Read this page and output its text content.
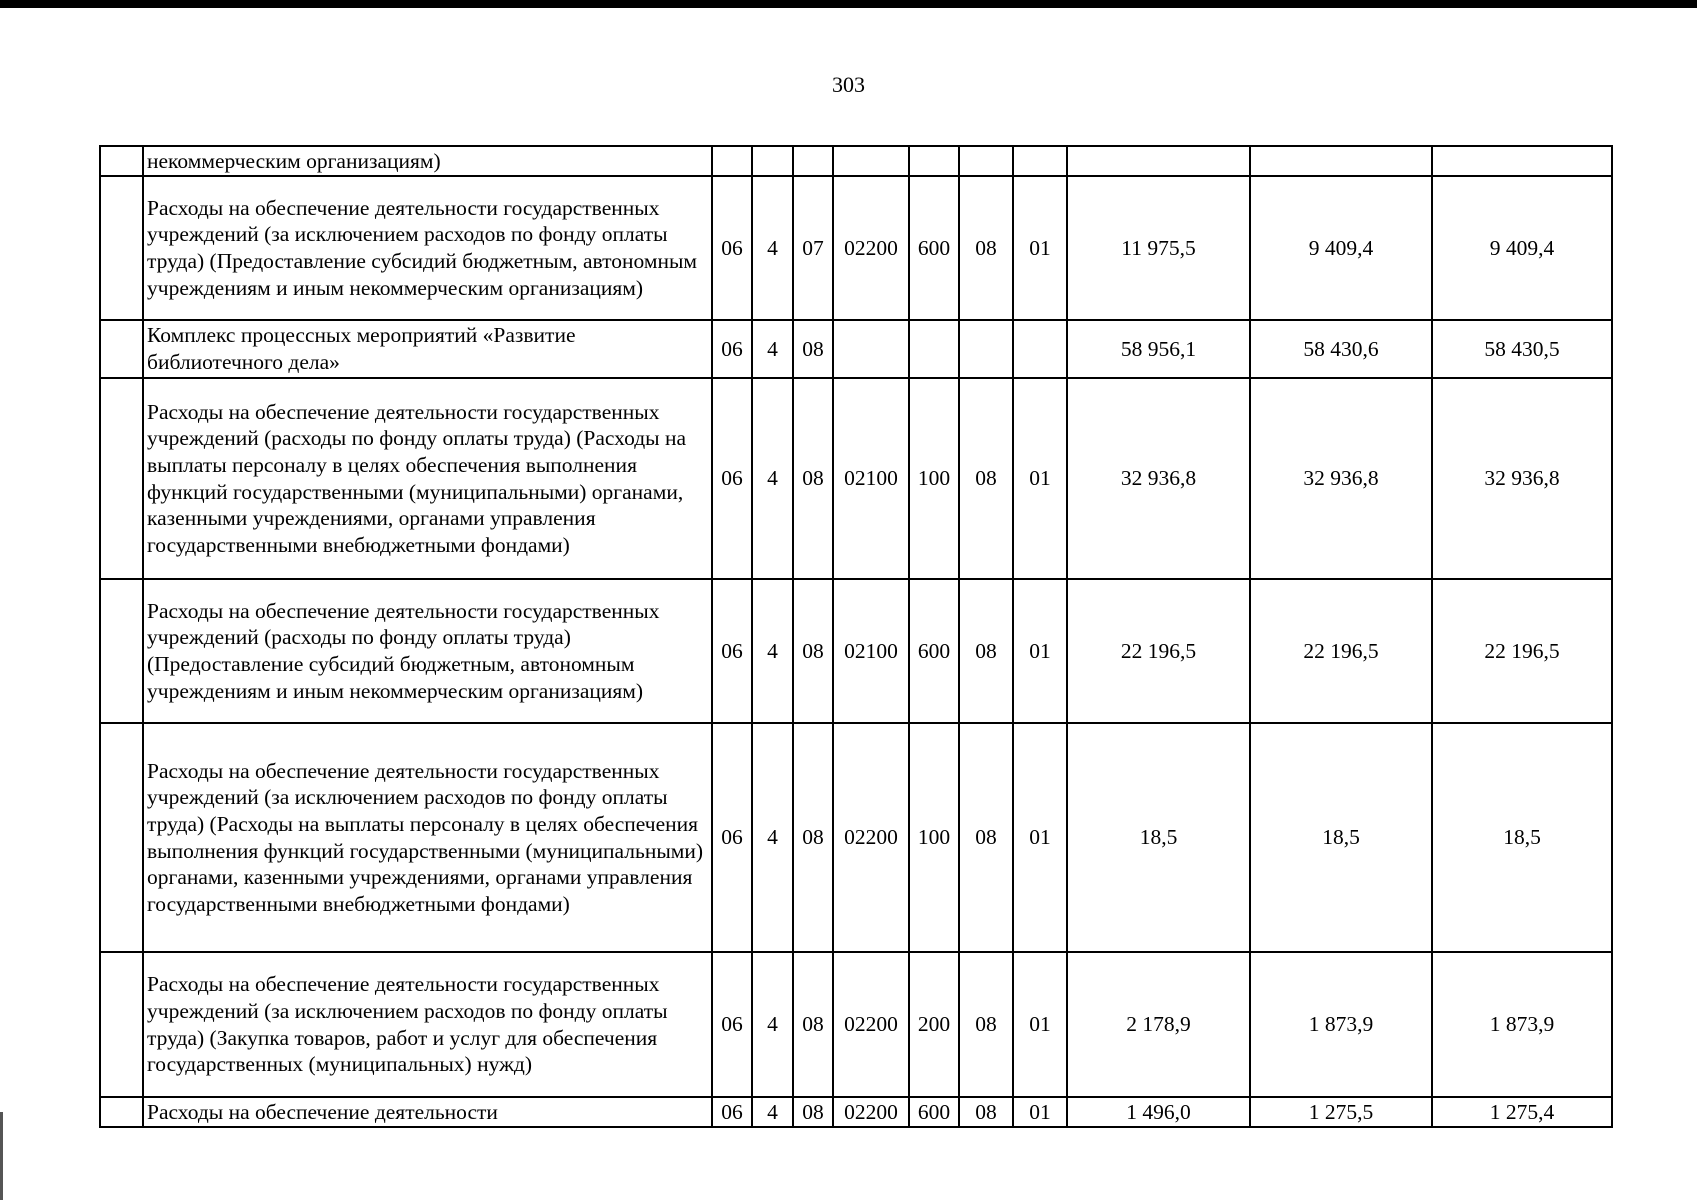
303
	некоммерческим организациям)										
	Расходы на обеспечение деятельности государственных учреждений (за исключением расходов по фонду оплаты труда) (Предоставление субсидий бюджетным, автономным учреждениям и иным некоммерческим организациям)	06	4	07	02200	600	08	01	11 975,5	9 409,4	9 409,4
	Комплекс процессных мероприятий «Развитие библиотечного дела»	06	4	08					58 956,1	58 430,6	58 430,5
	Расходы на обеспечение деятельности государственных учреждений (расходы по фонду оплаты труда) (Расходы на выплаты персоналу в целях обеспечения выполнения функций государственными (муниципальными) органами, казенными учреждениями, органами управления государственными внебюджетными фондами)	06	4	08	02100	100	08	01	32 936,8	32 936,8	32 936,8
	Расходы на обеспечение деятельности государственных учреждений (расходы по фонду оплаты труда) (Предоставление субсидий бюджетным, автономным учреждениям и иным некоммерческим организациям)	06	4	08	02100	600	08	01	22 196,5	22 196,5	22 196,5
	Расходы на обеспечение деятельности государственных учреждений (за исключением расходов по фонду оплаты труда) (Расходы на выплаты персоналу в целях обеспечения выполнения функций государственными (муниципальными) органами, казенными учреждениями, органами управления государственными внебюджетными фондами)	06	4	08	02200	100	08	01	18,5	18,5	18,5
	Расходы на обеспечение деятельности государственных учреждений (за исключением расходов по фонду оплаты труда) (Закупка товаров, работ и услуг для обеспечения государственных (муниципальных) нужд)	06	4	08	02200	200	08	01	2 178,9	1 873,9	1 873,9
	Расходы на обеспечение деятельности	06	4	08	02200	600	08	01	1 496,0	1 275,5	1 275,4
